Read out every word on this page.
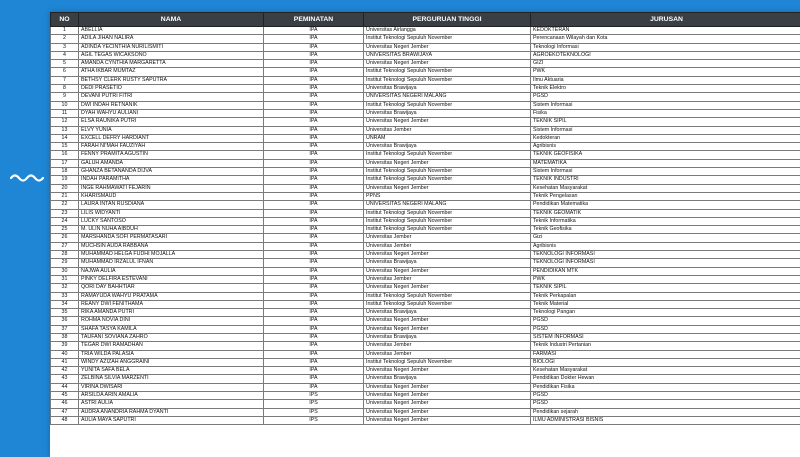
NO	NAMA	PEMINATAN	PERGURUAN TINGGI	JURUSAN
1	ABELLIA	IPA	Universitas Airlangga	KEDOKTERAN
2	ADILA JIHAN NALIRA	IPA	Institut Teknologi Sepuluh November	Perencanaan Wilayah dan Kota
3	ADINDA YECINTHIA NURILISMITI	IPA	Universitas Negeri Jember	Teknologi Informasi
4	AGIL TEGAS WICAKSONO	IPA	UNIVERSITAS BRAWIJAYA	AGROEKOTEKNOLOGI
5	AMANDA CYNTHIA MARGARETTA	IPA	Universitas Negeri Jember	GIZI
6	ATHA IKBAR MUMTAZ	IPA	Institut Teknologi Sepuluh November	PWK
7	BETHSY CLERK RUSTY SAPUTRA	IPA	Institut Teknologi Sepuluh November	Ilmu Aktuaria
8	DEDI PRASETIO	IPA	Universitas Brawijaya	Teknik Elektro
9	DEVANI PUTRI FITRI	IPA	UNIVERSITAS NEGERI MALANG	PGSD
10	DWI INDAH RETNANIK	IPA	Institut Teknologi Sepuluh November	Sistem Informasi
11	DYAH WAHYU AULIANI	IPA	Universitas Brawijaya	Fisika
12	ELSA RAUNIKA PUTRI	IPA	Universitas Negeri Jember	TEKNIK SIPIL
13	ELVY YUNIA	IPA	Universitas Jember	Sistem Informasi
14	EXCELL DEFRY HARDIANT	IPA	UNRAM	Kedokteran
15	FARAH NI'MAH FAUZIYAH	IPA	Universitas Brawijaya	Agribisnis
16	FENNY PRAMITA AGUSTIN	IPA	Institut Teknologi Sepuluh November	TEKNIK GEOFISIKA
17	GALUH AMANDA	IPA	Universitas Negeri Jember	MATEMATIKA
18	GHANZA BETANANDA DIJVA	IPA	Institut Teknologi Sepuluh November	Sistem Informasi
19	INDAH PARAMITHA	IPA	Institut Teknologi Sepuluh November	TEKNIK INDUSTRI
20	INGE RAHMAWATI FEJARIN	IPA	Universitas Negeri Jember	Kesehatan Masyarakat
21	KHARISMAUD	IPA	PPNS	Teknik Pengelasan
22	LAURA INTAN RUSDIANA	IPA	UNIVERSITAS NEGERI MALANG	Pendidikan Matematika
23	LILIS WIDYANTI	IPA	Institut Teknologi Sepuluh November	TEKNIK GEOMATIK
24	LUCKY SANTOSO	IPA	Institut Teknologi Sepuluh November	Teknik Informatika
25	M. ULIN NUHA AIBDUH	IPA	Institut Teknologi Sepuluh November	Teknik Geofisika
26	MARSHANDA SOFI PERMATASARI	IPA	Universitas Jember	Gizi
27	MUCHSIN AUDA RABBANA	IPA	Universitas Jember	Agribisnis
28	MUHAMMAD HELGA FUDHI MOJALLA	IPA	Universitas Negeri Jember	TEKNOLOGI INFORMASI
29	MUHAMMAD IRZALUL IFNAN	IPA	Universitas Brawijaya	TEKNOLOGI INFORMASI
30	NAJWA AULIA	IPA	Universitas Negeri Jember	PENDIDIKAN MTK
31	PINKY DELFIRA ESTEVANI	IPA	Universitas Jember	PWK
32	QORI DAY BAHHTIAR	IPA	Universitas Negeri Jember	TEKNIK SIPIL
33	RAMAYUDA WAHYU PRATAMA	IPA	Institut Teknologi Sepuluh November	Teknik Perkapalan
34	REANY DWI FENITHAMA	IPA	Institut Teknologi Sepuluh November	Teknik Material
35	RIKA AMANDA PUTRI	IPA	Universitas Brawijaya	Teknologi Pangan
36	ROHMA NOVIA DINI	IPA	Universitas Negeri Jember	PGSD
37	SHAFA TASYA KAMILA	IPA	Universitas Negeri Jember	PGSD
38	TAUFANI SOVIANA ZAHRO	IPA	Universitas Brawijaya	SISTEM INFORMASI
39	TEGAR DWI RAMADHAN	IPA	Universitas Jember	Teknik Industri Pertanian
40	TRIA WILDA PALASIA	IPA	Universitas Jember	FARMASI
41	WINDY AZIZAH ANGGRAINI	IPA	Institut Teknologi Sepuluh November	BIOLOGI
42	YUNITA SAFA BELA	IPA	Universitas Negeri Jember	Kesehatan Masyarakat
43	ZELBINA SILVIA MARZENTI	IPA	Universitas Brawijaya	Pendidikan Dokter Hewan
44	VIRINA DWISARI	IPA	Universitas Negeri Jember	Pendidikan Fisika
45	ARSILDA ARIN AMALIA	IPS	Universitas Negeri Jember	PGSD
46	ASTRI AULIA	IPS	Universitas Negeri Jember	PGSD
47	AUDRA ANANDRIA RAHMA DYANTI	IPS	Universitas Negeri Jember	Pendidikan sejarah
48	AULIA MAYA SAPUTRI	IPS	Universitas Negeri Jember	ILMU ADMINISTRASI BISNIS
